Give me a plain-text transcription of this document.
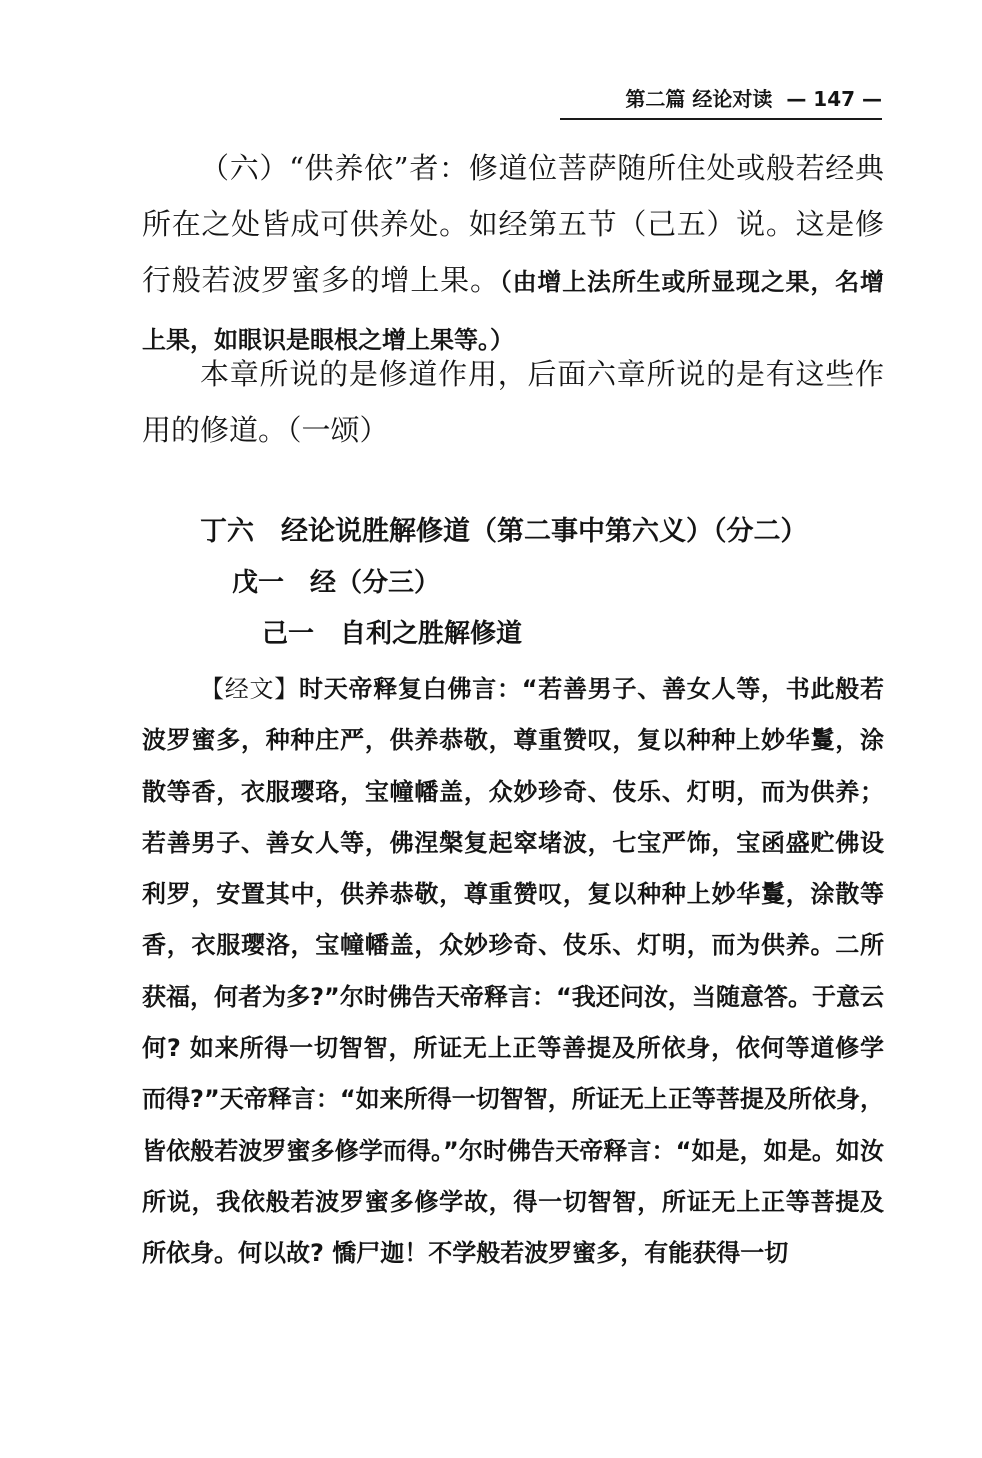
第二篇 经论对读 — 147 —

（六）“供养依”者：修道位菩萨随所住处或般若经典所在之处皆成可供养处。如经第五节（己五）说。这是修行般若波罗蜜多的增上果。（由增上法所生或所显现之果，名增上果，如眼识是眼根之增上果等。）

本章所说的是修道作用，后面六章所说的是有这些作用的修道。（一颂）

丁六　经论说胜解修道（第二事中第六义）（分二）
戊一　经（分三）
己一　自利之胜解修道

【经文】时天帝释复白佛言：“若善男子、善女人等，书此般若波罗蜜多，种种庄严，供养恭敬，尊重赞叹，复以种种上妙华鬘，涂散等香，衣服璎珞，宝幢幡盖，众妙珍奇、伎乐、灯明，而为供养；若善男子、善女人等，佛涅槃复起窣堵波，七宝严饰，宝函盛贮佛设利罗，安置其中，供养恭敬，尊重赞叹，复以种种上妙华鬘，涂散等香，衣服璎洛，宝幢幡盖，众妙珍奇、伎乐、灯明，而为供养。二所获福，何者为多?”尔时佛告天帝释言：“我还问汝，当随意答。于意云何? 如来所得一切智智，所证无上正等善提及所依身，依何等道修学而得?”天帝释言：“如来所得一切智智，所证无上正等菩提及所依身，皆依般若波罗蜜多修学而得。”尔时佛告天帝释言：“如是，如是。如汝所说，我依般若波罗蜜多修学故，得一切智智，所证无上正等菩提及所依身。何以故? 憍尸迦！不学般若波罗蜜多，有能获得一切
